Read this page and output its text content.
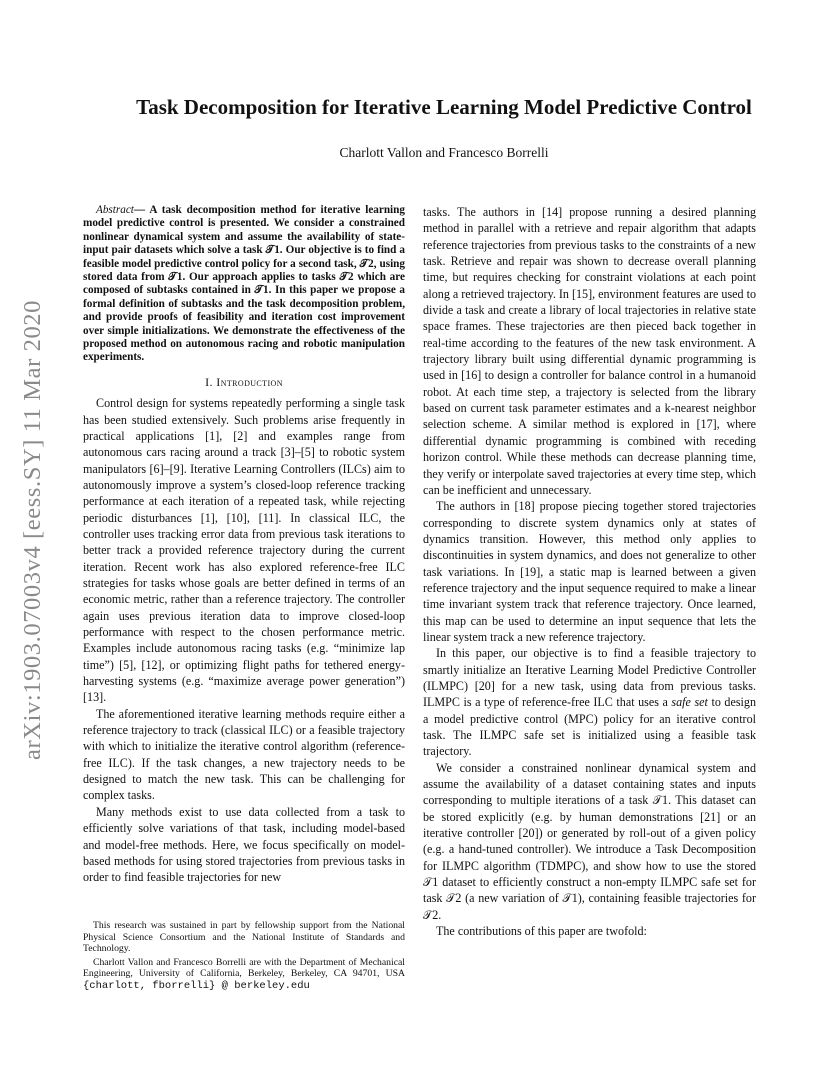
arXiv:1903.07003v4 [eess.SY] 11 Mar 2020
Task Decomposition for Iterative Learning Model Predictive Control
Charlott Vallon and Francesco Borrelli

Abstract— A task decomposition method for iterative learning model predictive control is presented. We consider a constrained nonlinear dynamical system and assume the availability of state-input pair datasets which solve a task 𝒯1. Our objective is to find a feasible model predictive control policy for a second task, 𝒯2, using stored data from 𝒯1. Our approach applies to tasks 𝒯2 which are composed of subtasks contained in 𝒯1. In this paper we propose a formal definition of subtasks and the task decomposition problem, and provide proofs of feasibility and iteration cost improvement over simple initializations. We demonstrate the effectiveness of the proposed method on autonomous racing and robotic manipulation experiments.

I. Introduction

Control design for systems repeatedly performing a single task has been studied extensively. Such problems arise frequently in practical applications [1], [2] and examples range from autonomous cars racing around a track [3]–[5] to robotic system manipulators [6]–[9]. Iterative Learning Controllers (ILCs) aim to autonomously improve a system’s closed-loop reference tracking performance at each iteration of a repeated task, while rejecting periodic disturbances [1], [10], [11]. In classical ILC, the controller uses tracking error data from previous task iterations to better track a provided reference trajectory during the current iteration. Recent work has also explored reference-free ILC strategies for tasks whose goals are better defined in terms of an economic metric, rather than a reference trajectory. The controller again uses previous iteration data to improve closed-loop performance with respect to the chosen performance metric. Examples include autonomous racing tasks (e.g. “minimize lap time”) [5], [12], or optimizing flight paths for tethered energy-harvesting systems (e.g. “maximize average power generation”) [13].

The aforementioned iterative learning methods require either a reference trajectory to track (classical ILC) or a feasible trajectory with which to initialize the iterative control algorithm (reference-free ILC). If the task changes, a new trajectory needs to be designed to match the new task. This can be challenging for complex tasks.

Many methods exist to use data collected from a task to efficiently solve variations of that task, including model-based and model-free methods. Here, we focus specifically on model-based methods for using stored trajectories from previous tasks in order to find feasible trajectories for new

This research was sustained in part by fellowship support from the National Physical Science Consortium and the National Institute of Standards and Technology.

Charlott Vallon and Francesco Borrelli are with the Department of Mechanical Engineering, University of California, Berkeley, Berkeley, CA 94701, USA {charlott, fborrelli} @ berkeley.edu

tasks. The authors in [14] propose running a desired planning method in parallel with a retrieve and repair algorithm that adapts reference trajectories from previous tasks to the constraints of a new task. Retrieve and repair was shown to decrease overall planning time, but requires checking for constraint violations at each point along a retrieved trajectory. In [15], environment features are used to divide a task and create a library of local trajectories in relative state space frames. These trajectories are then pieced back together in real-time according to the features of the new task environment. A trajectory library built using differential dynamic programming is used in [16] to design a controller for balance control in a humanoid robot. At each time step, a trajectory is selected from the library based on current task parameter estimates and a k-nearest neighbor selection scheme. A similar method is explored in [17], where differential dynamic programming is combined with receding horizon control. While these methods can decrease planning time, they verify or interpolate saved trajectories at every time step, which can be inefficient and unnecessary.

The authors in [18] propose piecing together stored trajectories corresponding to discrete system dynamics only at states of dynamics transition. However, this method only applies to discontinuities in system dynamics, and does not generalize to other task variations. In [19], a static map is learned between a given reference trajectory and the input sequence required to make a linear time invariant system track that reference trajectory. Once learned, this map can be used to determine an input sequence that lets the linear system track a new reference trajectory.

In this paper, our objective is to find a feasible trajectory to smartly initialize an Iterative Learning Model Predictive Controller (ILMPC) [20] for a new task, using data from previous tasks. ILMPC is a type of reference-free ILC that uses a safe set to design a model predictive control (MPC) policy for an iterative control task. The ILMPC safe set is initialized using a feasible task trajectory.

We consider a constrained nonlinear dynamical system and assume the availability of a dataset containing states and inputs corresponding to multiple iterations of a task 𝒯1. This dataset can be stored explicitly (e.g. by human demonstrations [21] or an iterative controller [20]) or generated by roll-out of a given policy (e.g. a hand-tuned controller). We introduce a Task Decomposition for ILMPC algorithm (TDMPC), and show how to use the stored 𝒯1 dataset to efficiently construct a non-empty ILMPC safe set for task 𝒯2 (a new variation of 𝒯1), containing feasible trajectories for 𝒯2.

The contributions of this paper are twofold:
